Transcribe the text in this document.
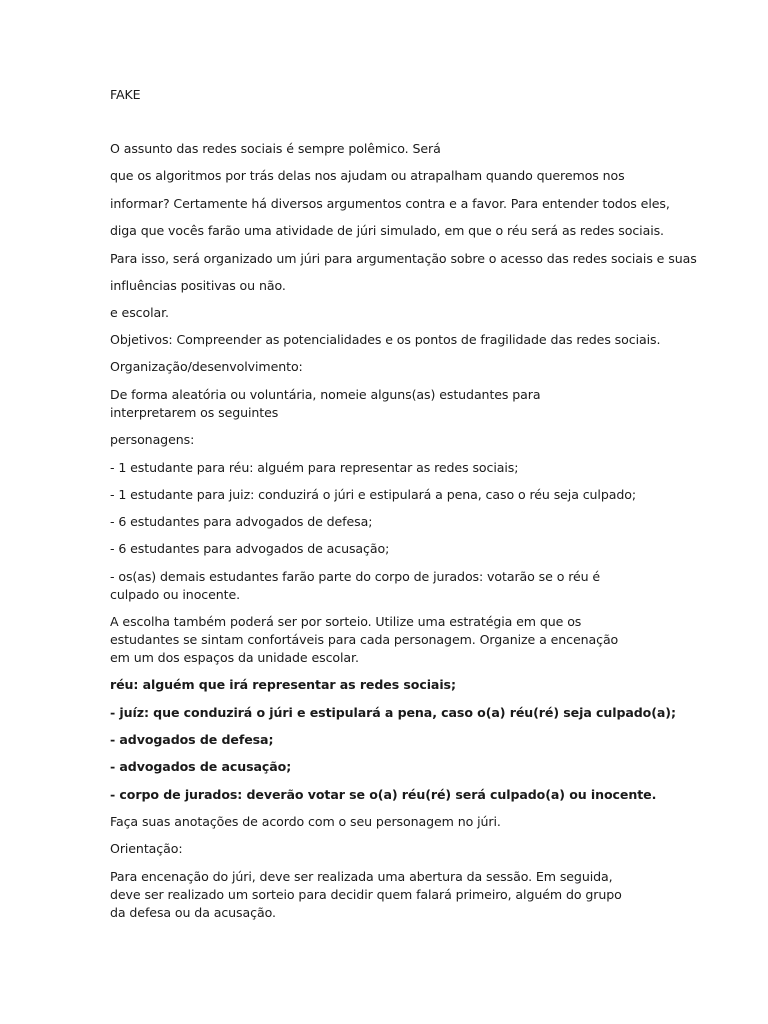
FAKE
O assunto das redes sociais é sempre polêmico. Será
que os algoritmos por trás delas nos ajudam ou atrapalham quando queremos nos
informar? Certamente há diversos argumentos contra e a favor. Para entender todos eles,
diga que vocês farão uma atividade de júri simulado, em que o réu será as redes sociais.
Para isso, será organizado um júri para argumentação sobre o acesso das redes sociais e suas
influências positivas ou não.
e escolar.
Objetivos: Compreender as potencialidades e os pontos de fragilidade das redes sociais.
Organização/desenvolvimento:
De forma aleatória ou voluntária, nomeie alguns(as) estudantes para interpretarem os seguintes
personagens:
- 1 estudante para réu: alguém para representar as redes sociais;
- 1 estudante para juiz: conduzirá o júri e estipulará a pena, caso o réu seja culpado;
- 6 estudantes para advogados de defesa;
- 6 estudantes para advogados de acusação;
- os(as) demais estudantes farão parte do corpo de jurados: votarão se o réu é culpado ou inocente.
A escolha também poderá ser por sorteio. Utilize uma estratégia em que os estudantes se sintam confortáveis para cada personagem. Organize a encenação em um dos espaços da unidade escolar.
réu: alguém que irá representar as redes sociais;
- juíz: que conduzirá o júri e estipulará a pena, caso o(a) réu(ré) seja culpado(a);
- advogados de defesa;
- advogados de acusação;
- corpo de jurados: deverão votar se o(a) réu(ré) será culpado(a) ou inocente.
Faça suas anotações de acordo com o seu personagem no júri.
Orientação:
Para encenação do júri, deve ser realizada uma abertura da sessão. Em seguida, deve ser realizado um sorteio para decidir quem falará primeiro, alguém do grupo da defesa ou da acusação.
